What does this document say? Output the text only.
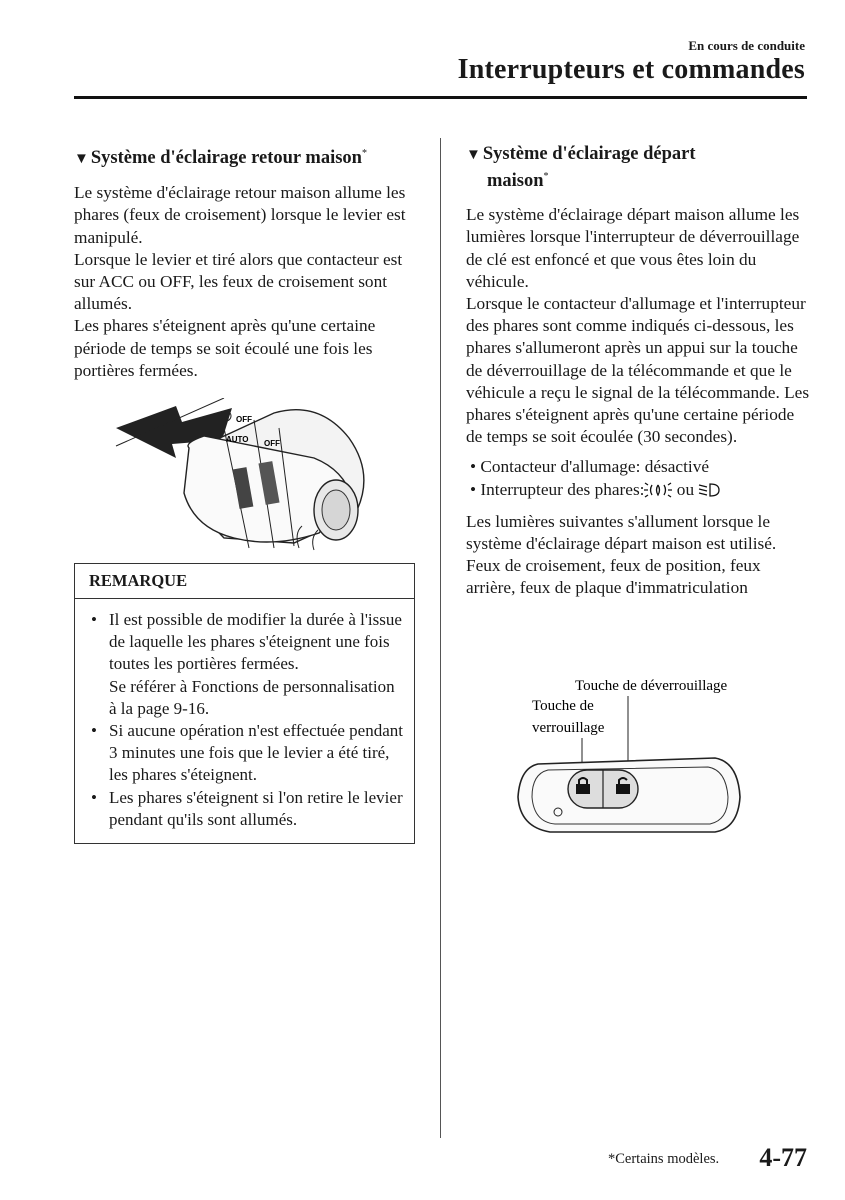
En cours de conduite
Interrupteurs et commandes
▼ Système d'éclairage retour maison*

Le système d'éclairage retour maison allume les phares (feux de croisement) lorsque le levier est manipulé.

Lorsque le levier et tiré alors que contacteur est sur ACC ou OFF, les feux de croisement sont allumés.

Les phares s'éteignent après qu'une certaine période de temps se soit écoulé une fois les portières fermées.

OFF
AUTO OFF
REMARQUE
• Il est possible de modifier la durée à l'issue de laquelle les phares s'éteignent une fois toutes les portières fermées.
Se référer à Fonctions de personnalisation à la page 9-16.
• Si aucune opération n'est effectuée pendant 3 minutes une fois que le levier a été tiré, les phares s'éteignent.
• Les phares s'éteignent si l'on retire le levier pendant qu'ils sont allumés.
▼ Système d'éclairage départ
maison*

Le système d'éclairage départ maison allume les lumières lorsque l'interrupteur de déverrouillage de clé est enfoncé et que vous êtes loin du véhicule.

Lorsque le contacteur d'allumage et l'interrupteur des phares sont comme indiqués ci-dessous, les phares s'allumeront après un appui sur la touche de déverrouillage de la télécommande et que le véhicule a reçu le signal de la télécommande. Les phares s'éteignent après qu'une certaine période de temps se soit écoulée (30 secondes).

• Contacteur d'allumage: désactivé
• Interrupteur des phares: ou

Les lumières suivantes s'allument lorsque le système d'éclairage départ maison est utilisé.

Feux de croisement, feux de position, feux arrière, feux de plaque d'immatriculation

Touche de déverrouillage
Touche de
verrouillage
*Certains modèles. 4-77
